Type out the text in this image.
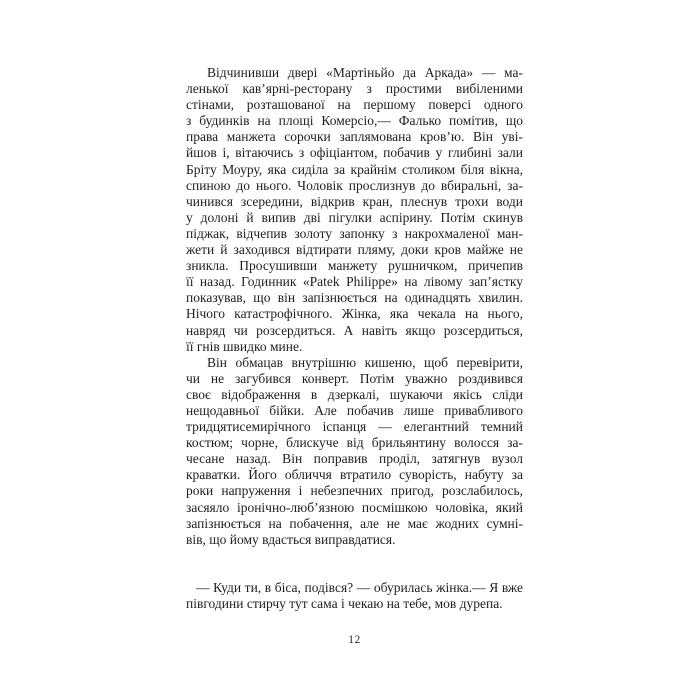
Відчинивши двері «Мартіньйо да Аркада» — ма-
ленької кав’ярні-ресторану з простими вибіленими
стінами, розташованої на першому поверсі одного
з будинків на площі Комерсіо,— Фалько помітив, що
права манжета сорочки заплямована кров’ю. Він уві-
йшов і, вітаючись з офіціантом, побачив у глибині зали
Бріту Моуру, яка сиділа за крайнім столиком біля вікна,
спиною до нього. Чоловік прослизнув до вбиральні, за-
чинився зсередини, відкрив кран, плеснув трохи води
у долоні й випив дві пігулки аспірину. Потім скинув
піджак, відчепив золоту запонку з накрохмаленої ман-
жети й заходився відтирати пляму, доки кров майже не
зникла. Просушивши манжету рушничком, причепив
її назад. Годинник «Patek Philippe» на лівому зап’ястку
показував, що він запізнюється на одинадцять хвилин.
Нічого катастрофічного. Жінка, яка чекала на нього,
навряд чи розсердиться. А навіть якщо розсердиться,
її гнів швидко мине.
Він обмацав внутрішню кишеню, щоб перевірити,
чи не загубився конверт. Потім уважно роздивився
своє відображення в дзеркалі, шукаючи якісь сліди
нещодавньої бійки. Але побачив лише привабливого
тридцятисемирічного іспанця — елегантний темний
костюм; чорне, блискуче від брильянтину волосся за-
чесане назад. Він поправив проділ, затягнув вузол
краватки. Його обличчя втратило суворість, набуту за
роки напруження і небезпечних пригод, розслабилось,
засяяло іронічно-люб’язною посмішкою чоловіка, який
запізнюється на побачення, але не має жодних сумні-
вів, що йому вдасться виправдатися.
— Куди ти, в біса, подівся? — обурилась жінка.— Я вже
півгодини стирчу тут сама і чекаю на тебе, мов дурепа.
12
